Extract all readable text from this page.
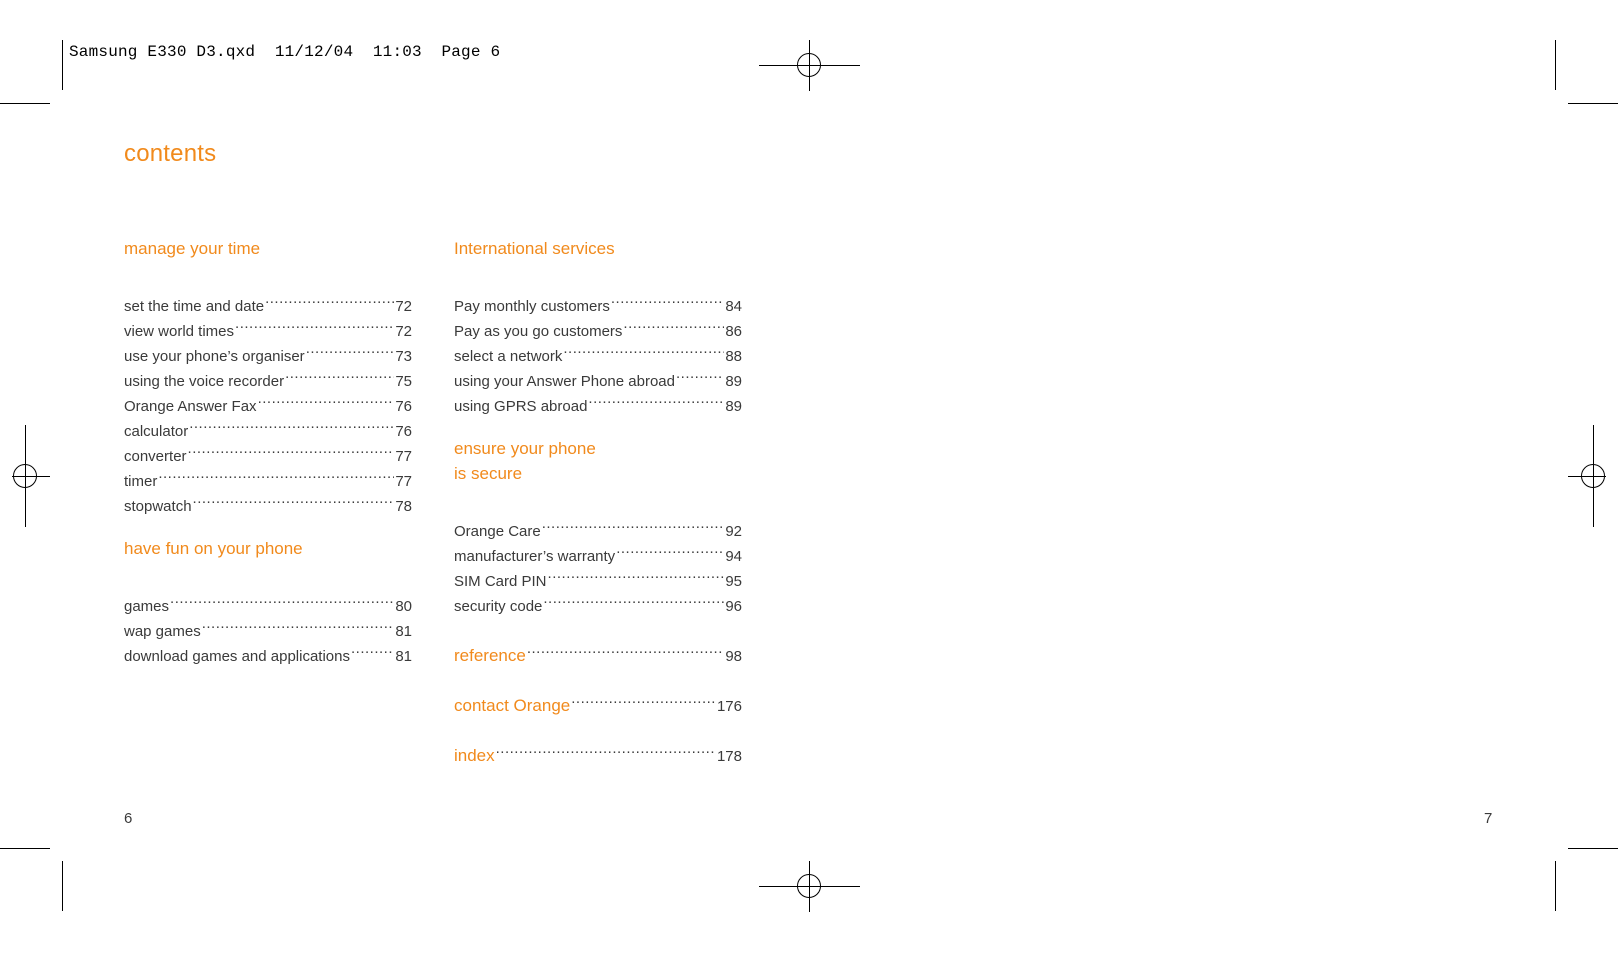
Samsung E330 D3.qxd  11/12/04  11:03  Page 6
contents
manage your time
set the time and date .....	72
view world times .....	72
use your phone’s organiser .....	73
using the voice recorder .....	75
Orange Answer Fax .....	76
calculator .....	76
converter .....	77
timer .....	77
stopwatch .....	78
have fun on your phone
games .....	80
wap games .....	81
download games and applications .....	81
International services
Pay monthly customers .....	84
Pay as you go customers .....	86
select a network .....	88
using your Answer Phone abroad .....	89
using GPRS abroad .....	89
ensure your phone
is secure
Orange Care .....	92
manufacturer’s warranty .....	94
SIM Card PIN .....	95
security code .....	96
reference .....	98
contact Orange .....	176
index .....	178
6	7
